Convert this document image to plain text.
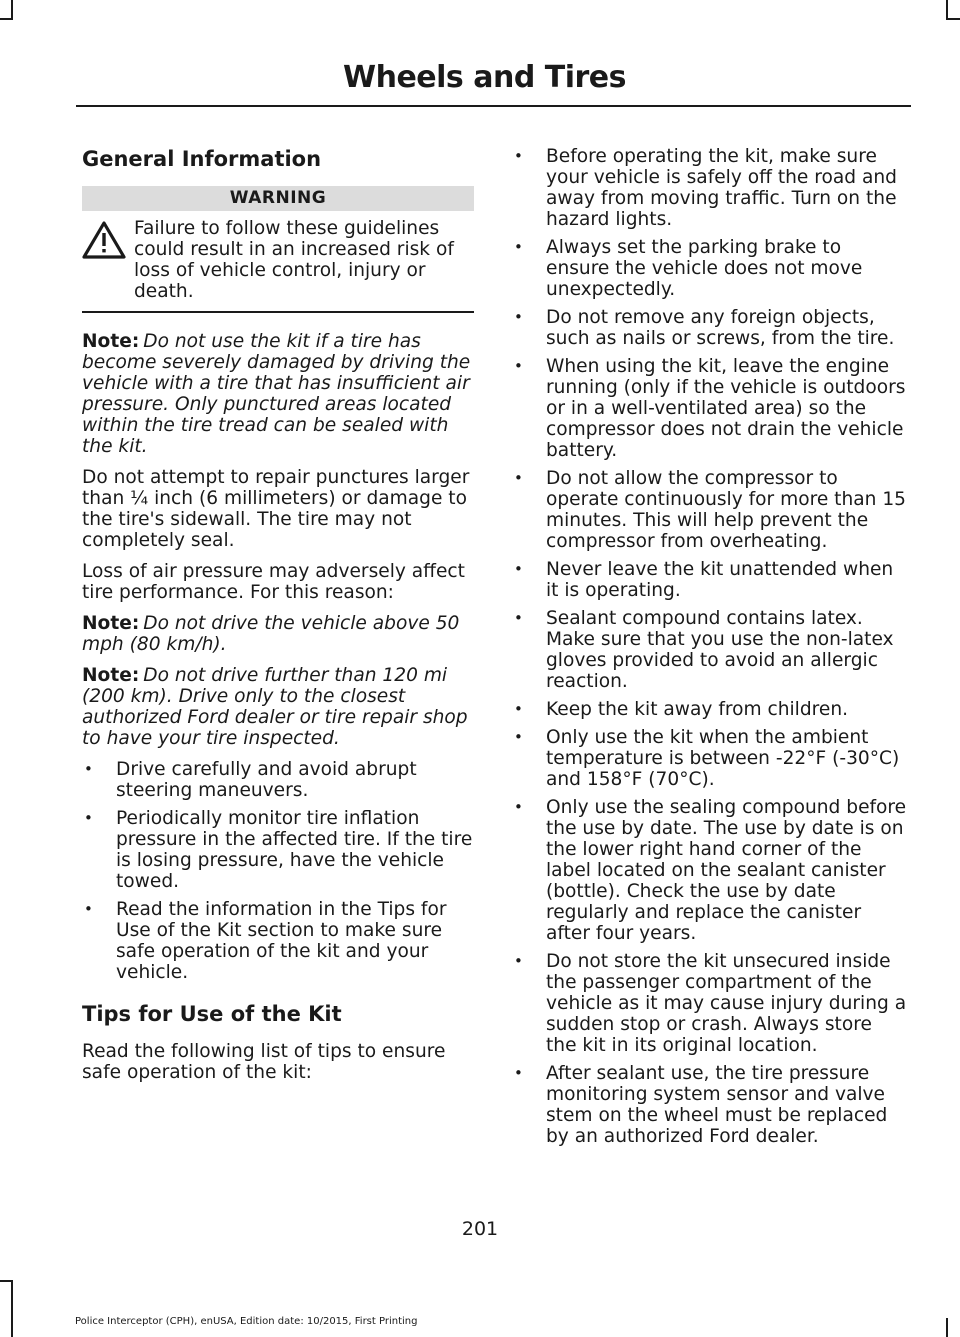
Wheels and Tires
General Information
WARNING
Failure to follow these guidelines could result in an increased risk of loss of vehicle control, injury or death.

Note: Do not use the kit if a tire has become severely damaged by driving the vehicle with a tire that has insufficient air pressure. Only punctured areas located within the tire tread can be sealed with the kit.

Do not attempt to repair punctures larger than ¼ inch (6 millimeters) or damage to the tire's sidewall. The tire may not completely seal.

Loss of air pressure may adversely affect tire performance. For this reason:

Note: Do not drive the vehicle above 50 mph (80 km/h).

Note: Do not drive further than 120 mi (200 km). Drive only to the closest authorized Ford dealer or tire repair shop to have your tire inspected.

• Drive carefully and avoid abrupt steering maneuvers.
• Periodically monitor tire inflation pressure in the affected tire. If the tire is losing pressure, have the vehicle towed.
• Read the information in the Tips for Use of the Kit section to make sure safe operation of the kit and your vehicle.
Tips for Use of the Kit

Read the following list of tips to ensure safe operation of the kit:

• Before operating the kit, make sure your vehicle is safely off the road and away from moving traffic. Turn on the hazard lights.
• Always set the parking brake to ensure the vehicle does not move unexpectedly.
• Do not remove any foreign objects, such as nails or screws, from the tire.
• When using the kit, leave the engine running (only if the vehicle is outdoors or in a well-ventilated area) so the compressor does not drain the vehicle battery.
• Do not allow the compressor to operate continuously for more than 15 minutes. This will help prevent the compressor from overheating.
• Never leave the kit unattended when it is operating.
• Sealant compound contains latex. Make sure that you use the non-latex gloves provided to avoid an allergic reaction.
• Keep the kit away from children.
• Only use the kit when the ambient temperature is between -22°F (-30°C) and 158°F (70°C).
• Only use the sealing compound before the use by date. The use by date is on the lower right hand corner of the label located on the sealant canister (bottle). Check the use by date regularly and replace the canister after four years.
• Do not store the kit unsecured inside the passenger compartment of the vehicle as it may cause injury during a sudden stop or crash. Always store the kit in its original location.
• After sealant use, the tire pressure monitoring system sensor and valve stem on the wheel must be replaced by an authorized Ford dealer.
201
Police Interceptor (CPH), enUSA, Edition date: 10/2015, First Printing
